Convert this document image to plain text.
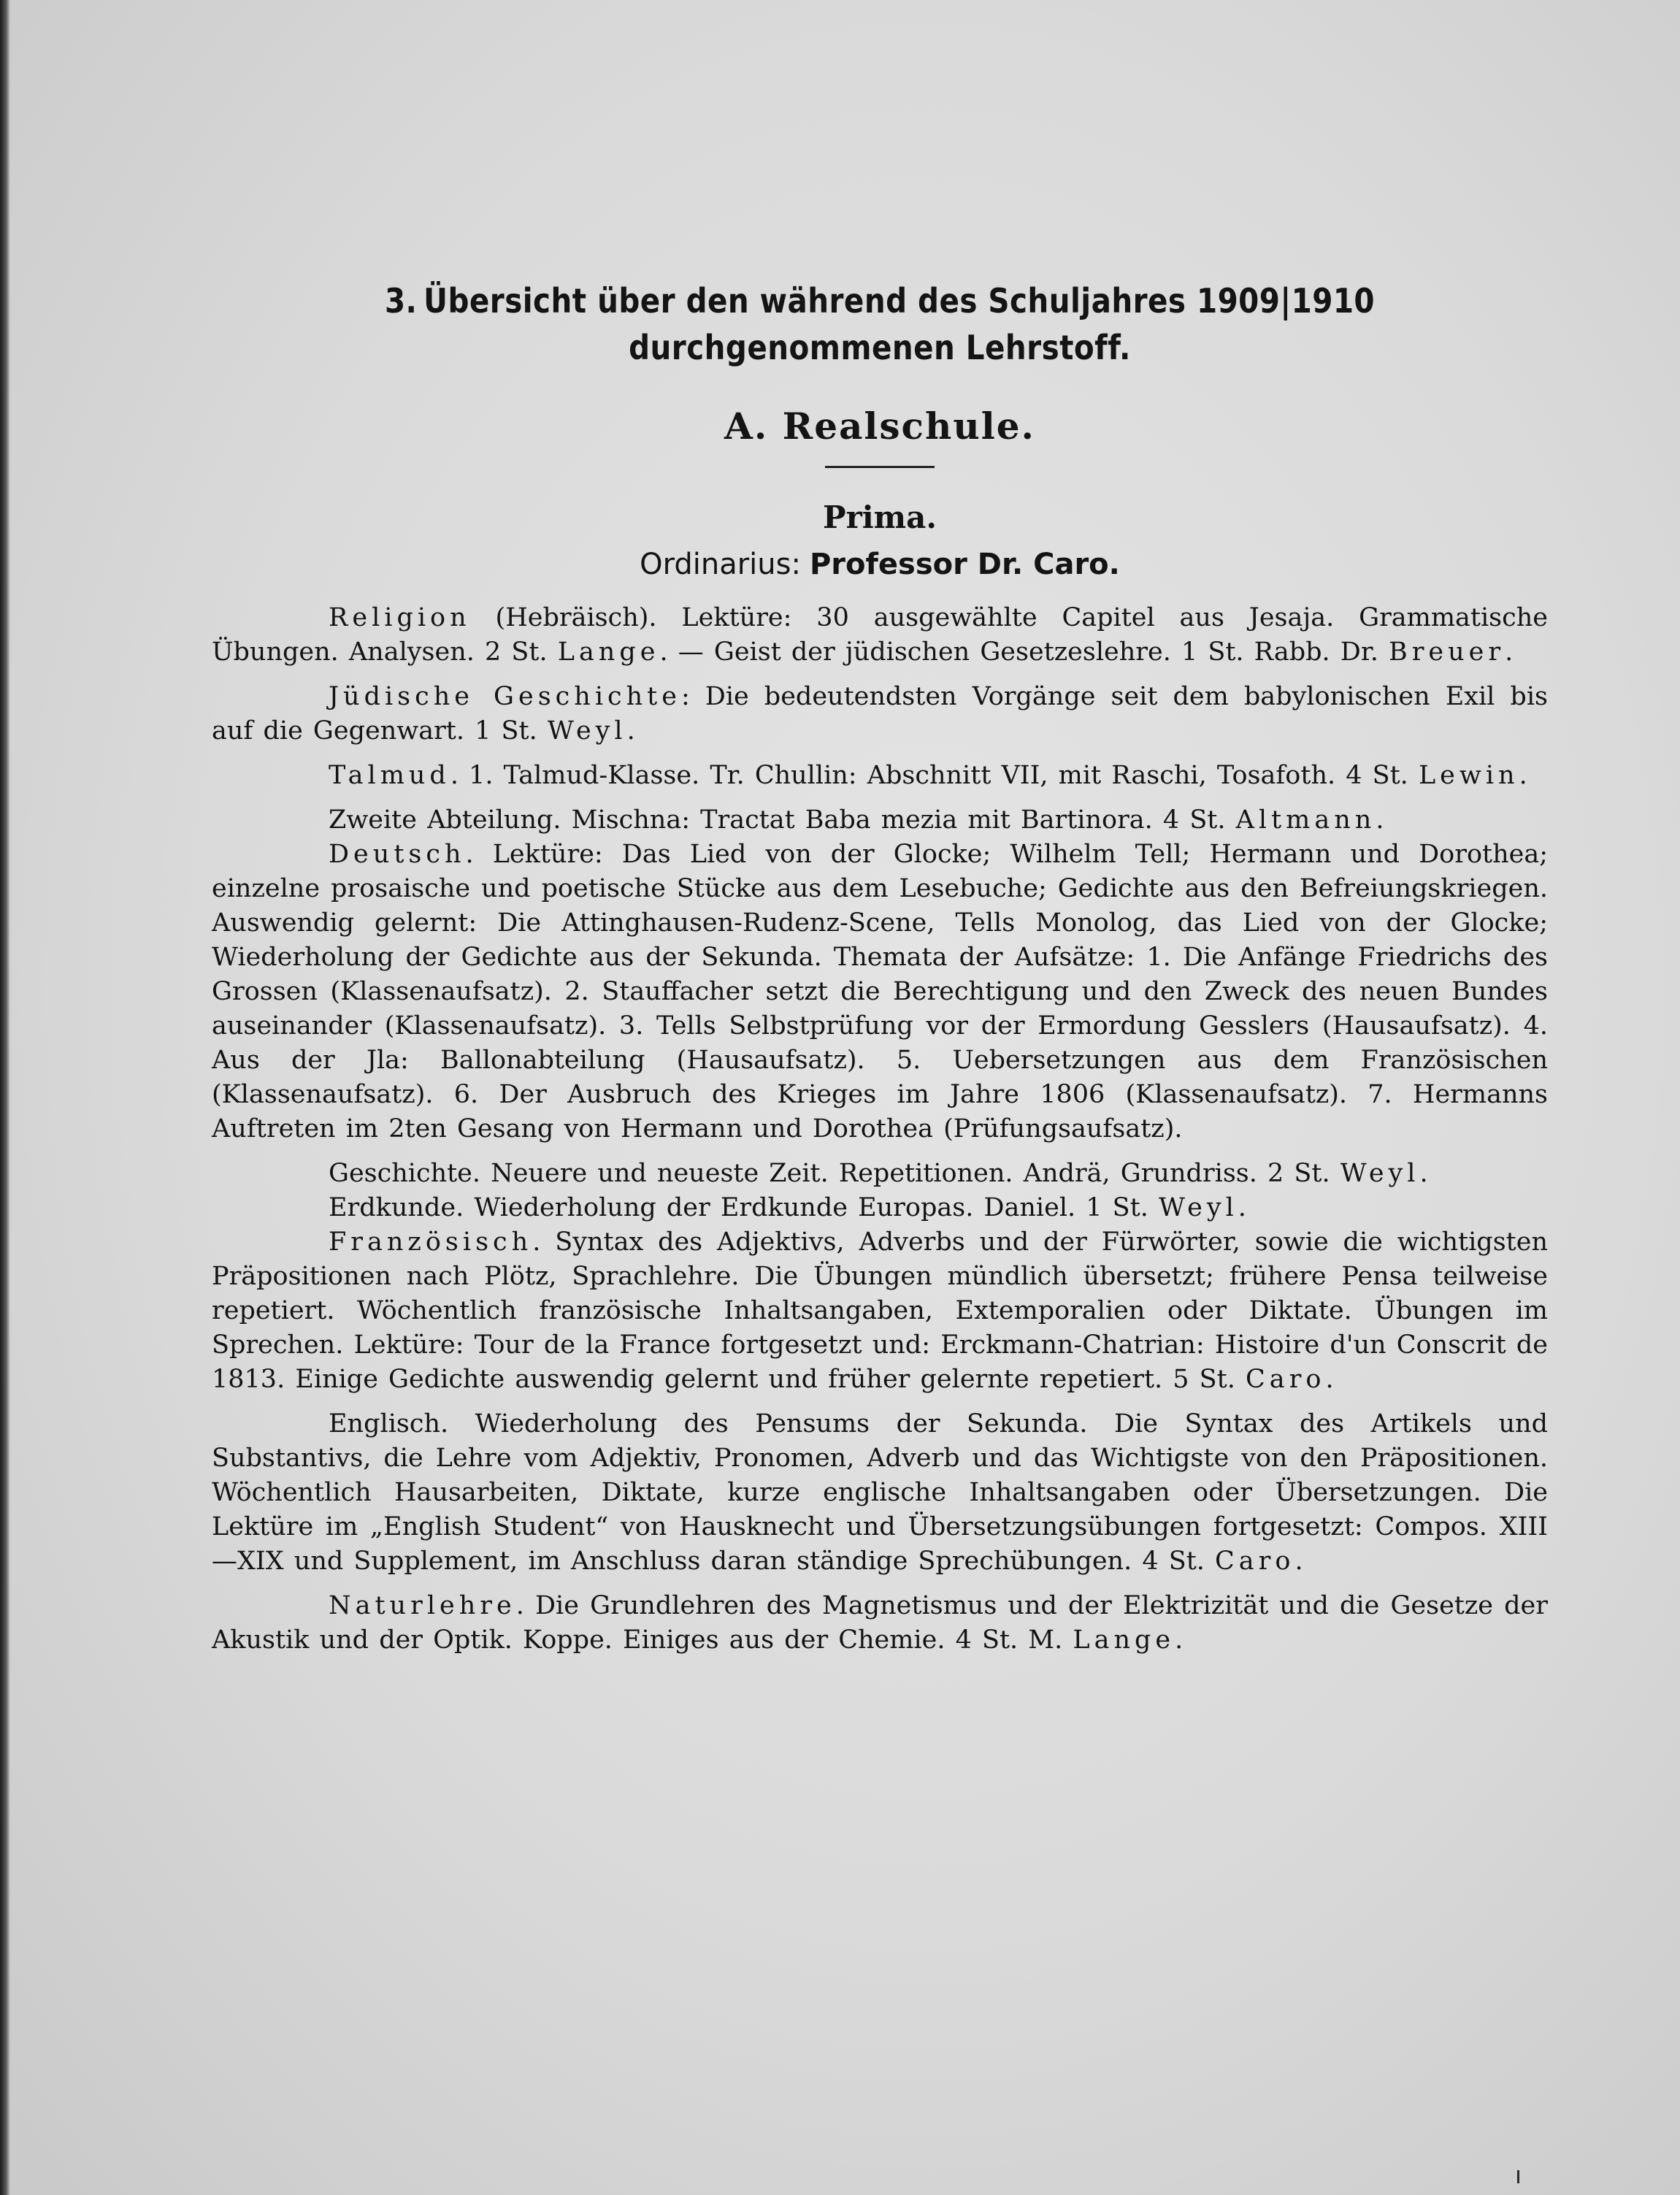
3. Übersicht über den während des Schuljahres 1909|1910 durchgenommenen Lehrstoff.

A. Realschule.

Prima.

Ordinarius: Professor Dr. Caro.

Religion (Hebräisch). Lektüre: 30 ausgewählte Capitel aus Jesaja. Grammatische Übungen. Analysen. 2 St. Lange. — Geist der jüdischen Gesetzeslehre. 1 St. Rabb. Dr. Breuer.

Jüdische Geschichte: Die bedeutendsten Vorgänge seit dem babylonischen Exil bis auf die Gegenwart. 1 St. Weyl.

Talmud. 1. Talmud-Klasse. Tr. Chullin: Abschnitt VII, mit Raschi, Tosafoth. 4 St. Lewin.

Zweite Abteilung. Mischna: Tractat Baba mezia mit Bartinora. 4 St. Altmann.

Deutsch. Lektüre: Das Lied von der Glocke; Wilhelm Tell; Hermann und Dorothea; einzelne prosaische und poetische Stücke aus dem Lesebuche; Gedichte aus den Befreiungskriegen. Auswendig gelernt: Die Attinghausen-Rudenz-Scene, Tells Monolog, das Lied von der Glocke; Wiederholung der Gedichte aus der Sekunda. Themata der Aufsätze: 1. Die Anfänge Friedrichs des Grossen (Klassenaufsatz). 2. Stauffacher setzt die Berechtigung und den Zweck des neuen Bundes auseinander (Klassenaufsatz). 3. Tells Selbstprüfung vor der Ermordung Gesslers (Hausaufsatz). 4. Aus der Jla: Ballonabteilung (Hausaufsatz). 5. Uebersetzungen aus dem Französischen (Klassenaufsatz). 6. Der Ausbruch des Krieges im Jahre 1806 (Klassenaufsatz). 7. Hermanns Auftreten im 2ten Gesang von Hermann und Dorothea (Prüfungsaufsatz).

Geschichte. Neuere und neueste Zeit. Repetitionen. Andrä, Grundriss. 2 St. Weyl.

Erdkunde. Wiederholung der Erdkunde Europas. Daniel. 1 St. Weyl.

Französisch. Syntax des Adjektivs, Adverbs und der Fürwörter, sowie die wichtigsten Präpositionen nach Plötz, Sprachlehre. Die Übungen mündlich übersetzt; frühere Pensa teilweise repetiert. Wöchentlich französische Inhaltsangaben, Extemporalien oder Diktate. Übungen im Sprechen. Lektüre: Tour de la France fortgesetzt und: Erckmann-Chatrian: Histoire d'un Conscrit de 1813. Einige Gedichte auswendig gelernt und früher gelernte repetiert. 5 St. Caro.

Englisch. Wiederholung des Pensums der Sekunda. Die Syntax des Artikels und Substantivs, die Lehre vom Adjektiv, Pronomen, Adverb und das Wichtigste von den Präpositionen. Wöchentlich Hausarbeiten, Diktate, kurze englische Inhaltsangaben oder Übersetzungen. Die Lektüre im „English Student“ von Hausknecht und Übersetzungsübungen fortgesetzt: Compos. XIII—XIX und Supplement, im Anschluss daran ständige Sprechübungen. 4 St. Caro.

Naturlehre. Die Grundlehren des Magnetismus und der Elektrizität und die Gesetze der Akustik und der Optik. Koppe. Einiges aus der Chemie. 4 St. M. Lange.
